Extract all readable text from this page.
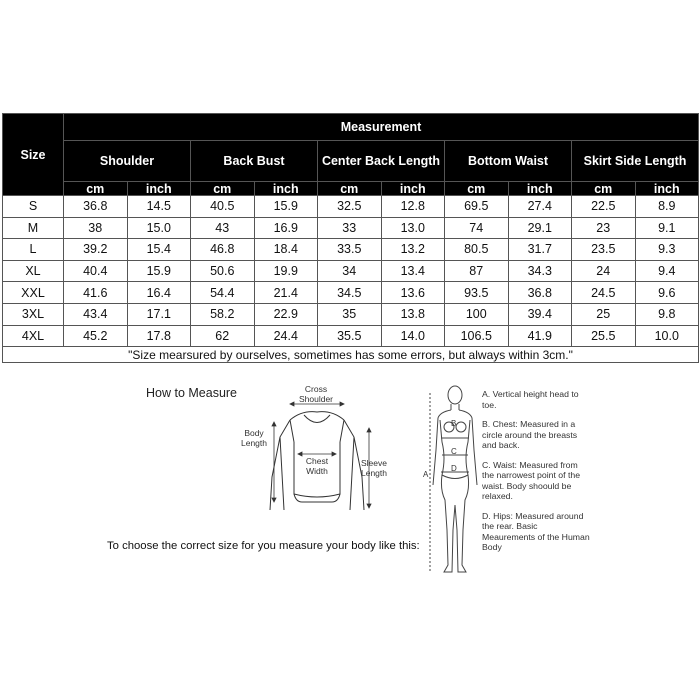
Size	Measurement									
	Shoulder		Back Bust		Center Back Length		Bottom Waist		Skirt Side Length	
	cm	inch	cm	inch	cm	inch	cm	inch	cm	inch
S	36.8	14.5	40.5	15.9	32.5	12.8	69.5	27.4	22.5	8.9
M	38	15.0	43	16.9	33	13.0	74	29.1	23	9.1
L	39.2	15.4	46.8	18.4	33.5	13.2	80.5	31.7	23.5	9.3
XL	40.4	15.9	50.6	19.9	34	13.4	87	34.3	24	9.4
XXL	41.6	16.4	54.4	21.4	34.5	13.6	93.5	36.8	24.5	9.6
3XL	43.4	17.1	58.2	22.9	35	13.8	100	39.4	25	9.8
4XL	45.2	17.8	62	24.4	35.5	14.0	106.5	41.9	25.5	10.0
"Size mearsured by ourselves, sometimes has some errors, but always within 3cm."										
How to Measure	Cross Shoulder
Body Length
Chest Width
Sleeve Length
To choose the correct size for you measure your body like this:
B
C
D
A
A. Vertical height head to toe.
B. Chest: Measured in a circle around the breasts and back.
C. Waist: Measured from the narrowest point of the waist. Body shoould be relaxed.
D. Hips: Measured around the rear. Basic Meaurements of the Human Body
